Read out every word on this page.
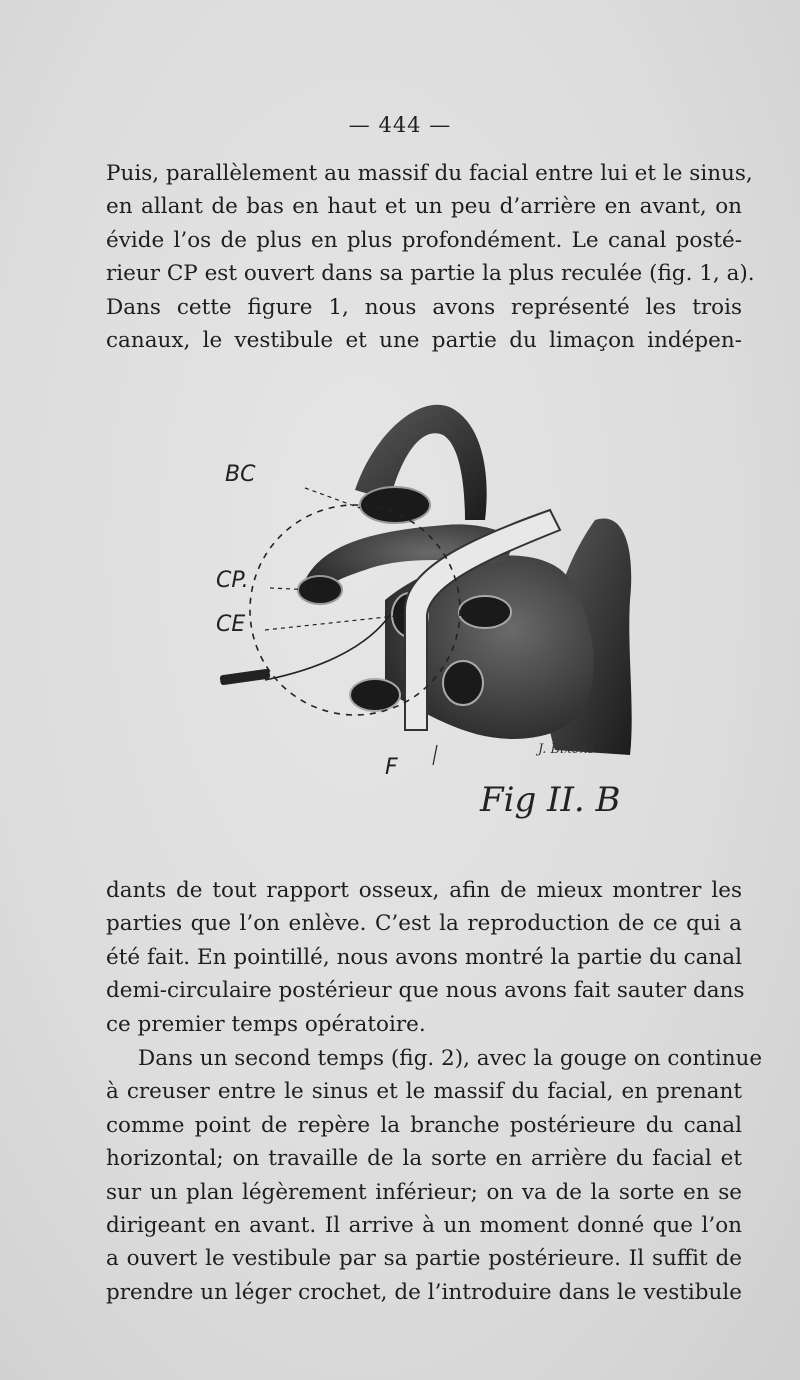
— 444 —

Puis, parallèlement au massif du facial entre lui et le sinus,
en allant de bas en haut et un peu d’arrière en avant, on
évide l’os de plus en plus profondément. Le canal posté-
rieur CP est ouvert dans sa partie la plus reculée (fig. 1, a).
Dans cette figure 1, nous avons représenté les trois
canaux, le vestibule et une partie du limaçon indépen-

BC
CP.
CE
F
J. Bixons
Fig II. B

dants de tout rapport osseux, afin de mieux montrer les
parties que l’on enlève. C’est la reproduction de ce qui a
été fait. En pointillé, nous avons montré la partie du canal
demi-circulaire postérieur que nous avons fait sauter dans
ce premier temps opératoire.

Dans un second temps (fig. 2), avec la gouge on continue
à creuser entre le sinus et le massif du facial, en prenant
comme point de repère la branche postérieure du canal
horizontal; on travaille de la sorte en arrière du facial et
sur un plan légèrement inférieur; on va de la sorte en se
dirigeant en avant. Il arrive à un moment donné que l’on
a ouvert le vestibule par sa partie postérieure. Il suffit de
prendre un léger crochet, de l’introduire dans le vestibule
